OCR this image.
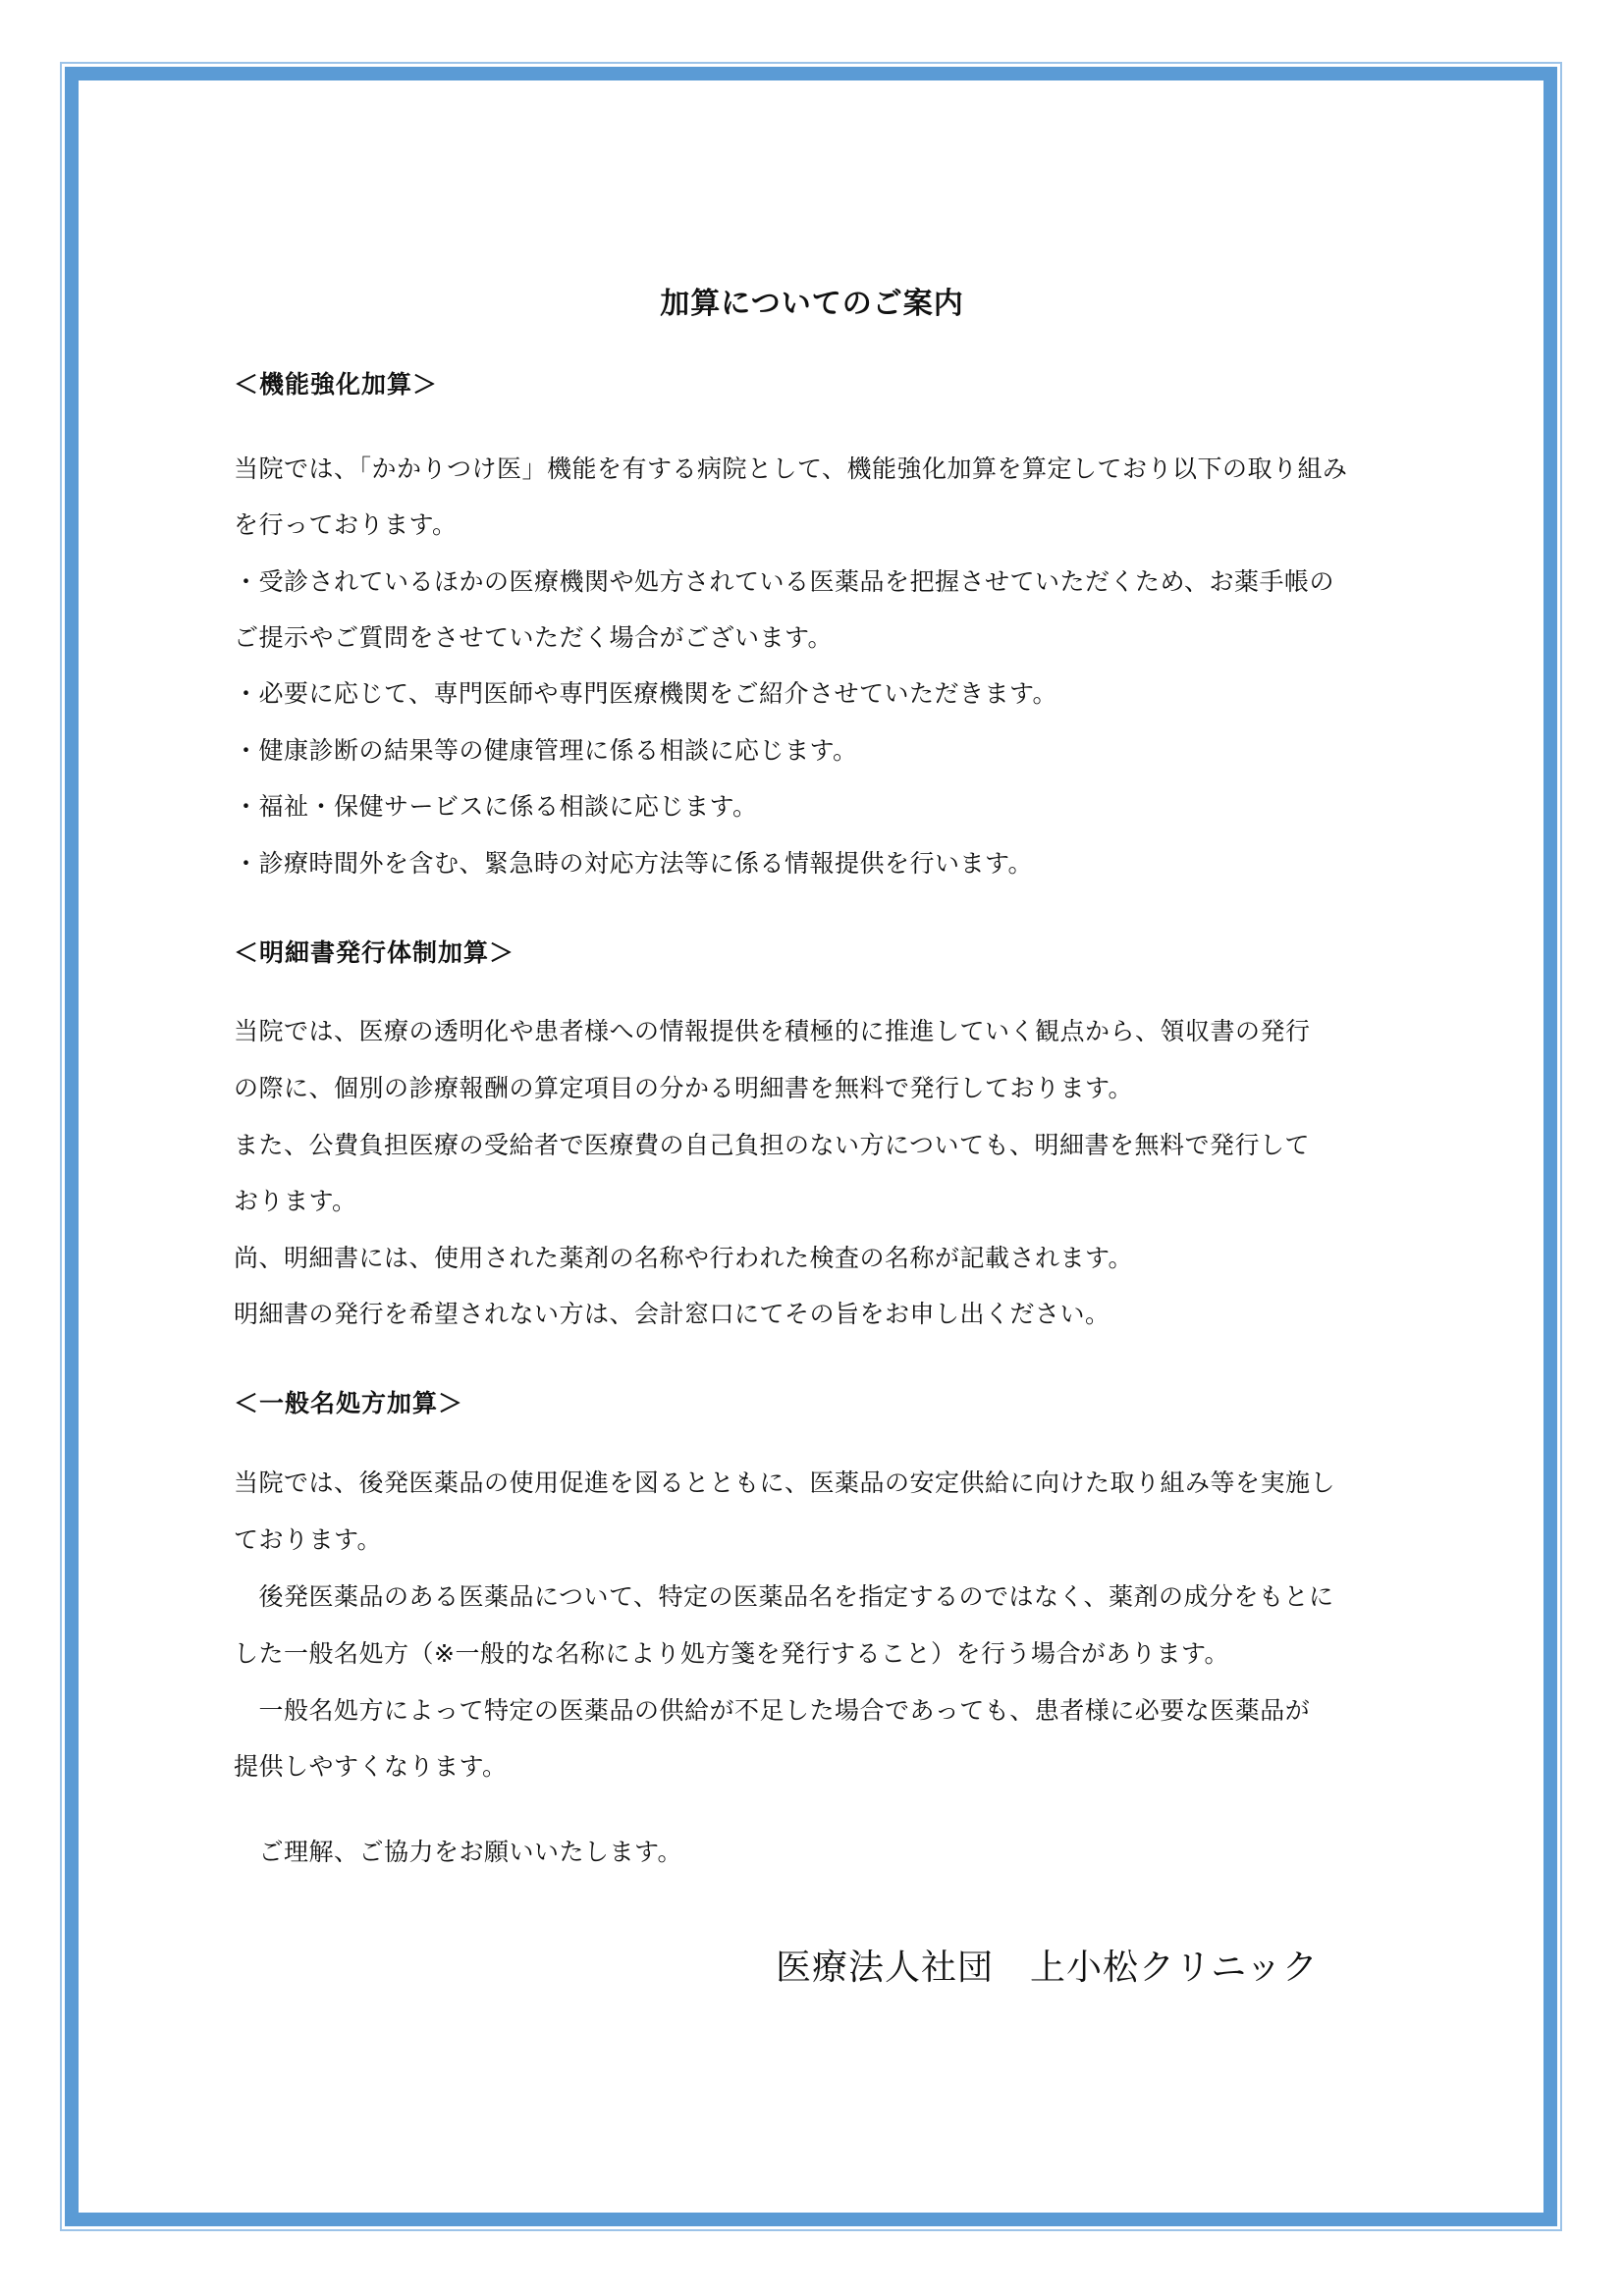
加算についてのご案内
＜機能強化加算＞
当院では、「かかりつけ医」機能を有する病院として、機能強化加算を算定しており以下の取り組み
を行っております。
・受診されているほかの医療機関や処方されている医薬品を把握させていただくため、お薬手帳の
ご提示やご質問をさせていただく場合がございます。
・必要に応じて、専門医師や専門医療機関をご紹介させていただきます。
・健康診断の結果等の健康管理に係る相談に応じます。
・福祉・保健サービスに係る相談に応じます。
・診療時間外を含む、緊急時の対応方法等に係る情報提供を行います。
＜明細書発行体制加算＞
当院では、医療の透明化や患者様への情報提供を積極的に推進していく観点から、領収書の発行
の際に、個別の診療報酬の算定項目の分かる明細書を無料で発行しております。
また、公費負担医療の受給者で医療費の自己負担のない方についても、明細書を無料で発行して
おります。
尚、明細書には、使用された薬剤の名称や行われた検査の名称が記載されます。
明細書の発行を希望されない方は、会計窓口にてその旨をお申し出ください。
＜一般名処方加算＞
当院では、後発医薬品の使用促進を図るとともに、医薬品の安定供給に向けた取り組み等を実施し
ております。
　後発医薬品のある医薬品について、特定の医薬品名を指定するのではなく、薬剤の成分をもとに
した一般名処方（※一般的な名称により処方箋を発行すること）を行う場合があります。
　一般名処方によって特定の医薬品の供給が不足した場合であっても、患者様に必要な医薬品が
提供しやすくなります。
　ご理解、ご協力をお願いいたします。
医療法人社団　上小松クリニック
